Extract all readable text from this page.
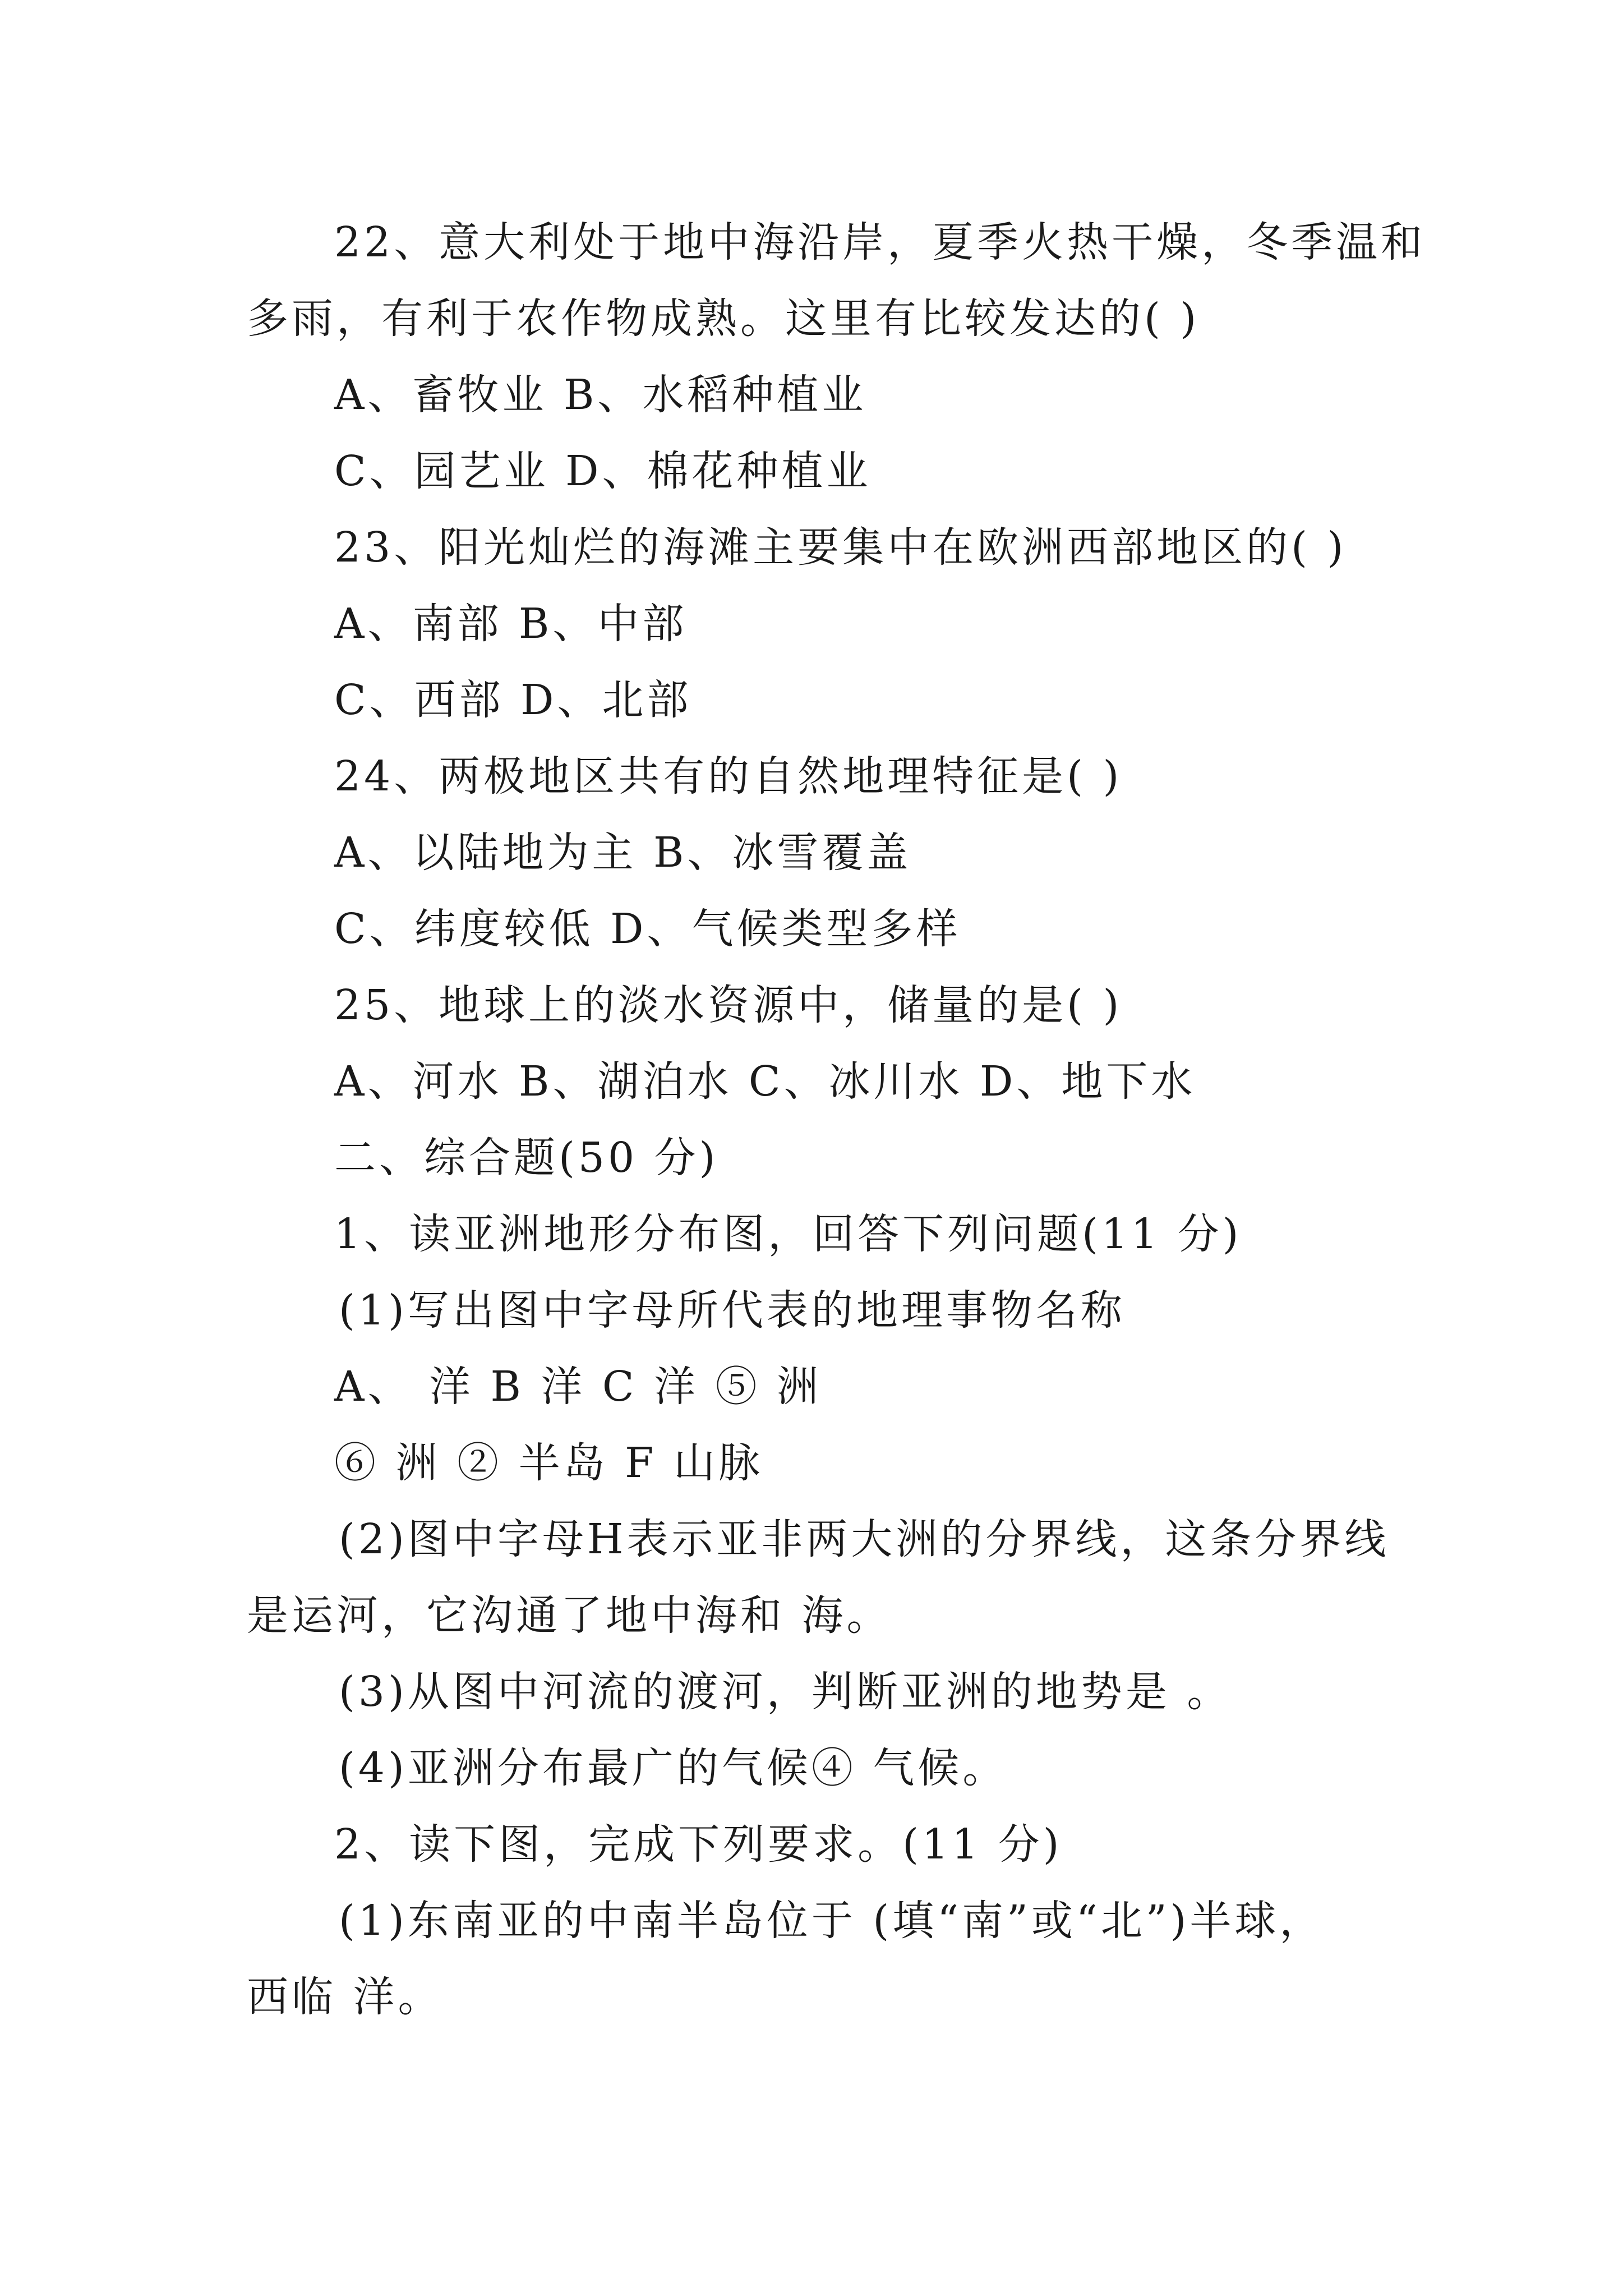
22、意大利处于地中海沿岸，夏季火热干燥，冬季温和
多雨，有利于农作物成熟。这里有比较发达的( )
A、畜牧业 B、水稻种植业
C、园艺业 D、棉花种植业
23、阳光灿烂的海滩主要集中在欧洲西部地区的( )
A、南部 B、中部
C、西部 D、北部
24、两极地区共有的自然地理特征是( )
A、以陆地为主 B、冰雪覆盖
C、纬度较低 D、气候类型多样
25、地球上的淡水资源中，储量的是( )
A、河水 B、湖泊水 C、冰川水 D、地下水
二、综合题(50 分)
1、读亚洲地形分布图，回答下列问题(11 分)
(1)写出图中字母所代表的地理事物名称
A、 洋 B 洋 C 洋 ⑤ 洲
⑥ 洲 ② 半岛 F 山脉
(2)图中字母H表示亚非两大洲的分界线，这条分界线
是运河，它沟通了地中海和 海。
(3)从图中河流的渡河，判断亚洲的地势是 。
(4)亚洲分布最广的气候④ 气候。
2、读下图，完成下列要求。(11 分)
(1)东南亚的中南半岛位于 (填“南”或“北”)半球，
西临 洋。
